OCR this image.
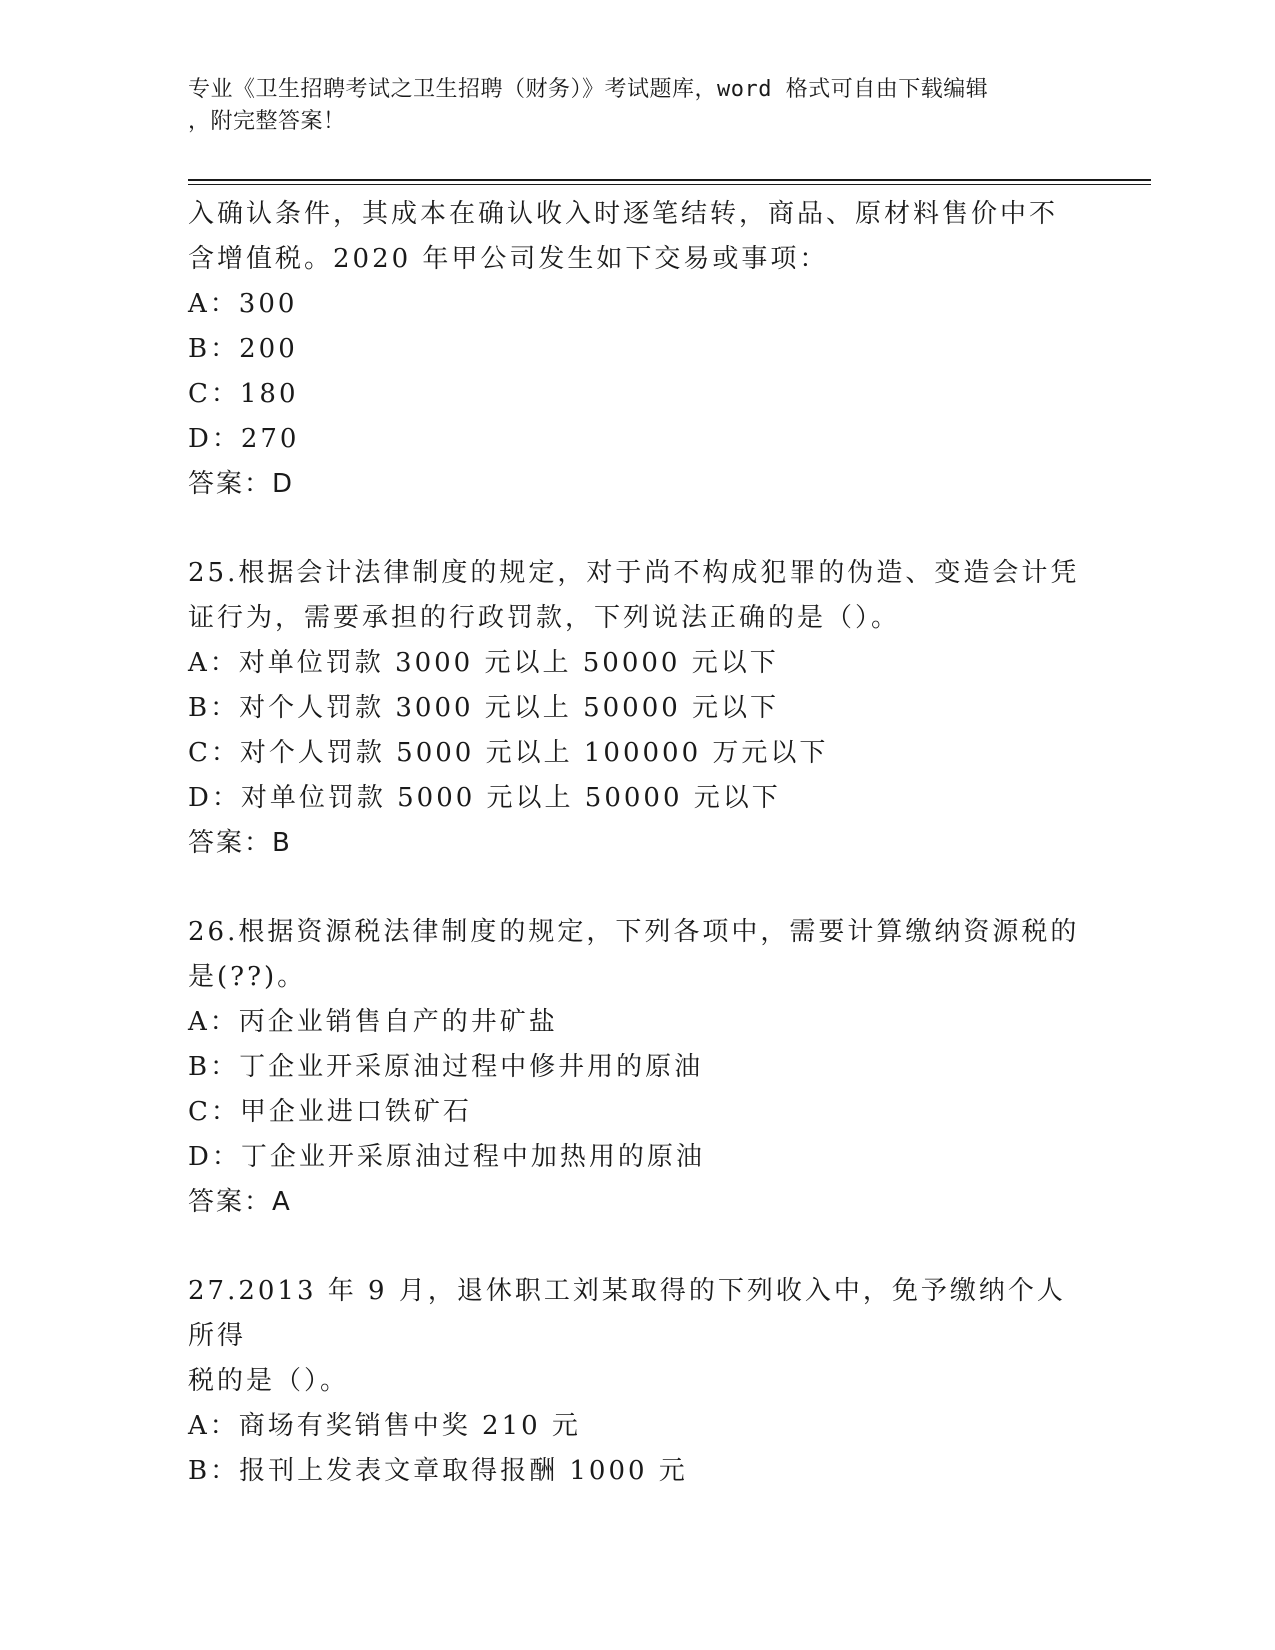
专业《卫生招聘考试之卫生招聘（财务）》考试题库，word 格式可自由下载编辑
，附完整答案！

入确认条件，其成本在确认收入时逐笔结转，商品、原材料售价中不

含增值税。2020 年甲公司发生如下交易或事项：

A：300

B：200

C：180

D：270

答案：D

25.根据会计法律制度的规定，对于尚不构成犯罪的伪造、变造会计凭

证行为，需要承担的行政罚款，下列说法正确的是（）。

A：对单位罚款 3000 元以上 50000 元以下

B：对个人罚款 3000 元以上 50000 元以下

C：对个人罚款 5000 元以上 100000 万元以下

D：对单位罚款 5000 元以上 50000 元以下

答案：B

26.根据资源税法律制度的规定，下列各项中，需要计算缴纳资源税的

是(??)。

A：丙企业销售自产的井矿盐

B：丁企业开采原油过程中修井用的原油

C：甲企业进口铁矿石

D：丁企业开采原油过程中加热用的原油

答案：A

27.2013 年 9 月，退休职工刘某取得的下列收入中，免予缴纳个人所得

税的是（）。

A：商场有奖销售中奖 210 元

B：报刊上发表文章取得报酬 1000 元
